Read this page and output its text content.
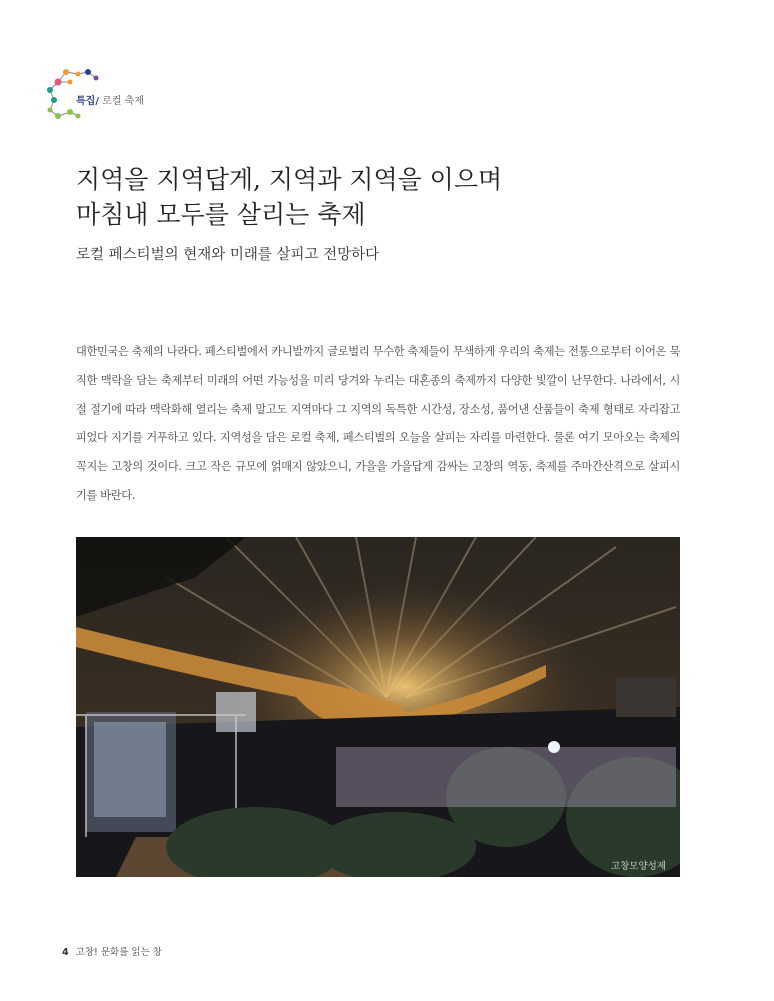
특집/ 로컬 축제
지역을 지역답게, 지역과 지역을 이으며
마침내 모두를 살리는 축제

로컬 페스티벌의 현재와 미래를 살피고 전망하다

대한민국은 축제의 나라다. 페스티벌에서 카니발까지 글로벌리 무수한 축제들이 무색하게 우리의 축제는 전통으로부터 이어온 묵직한 맥락을 담는 축제부터 미래의 어떤 가능성을 미리 당겨와 누리는 대혼종의 축제까지 다양한 빛깔이 난무한다. 나라에서, 시절 절기에 따라 맥락화해 열리는 축제 말고도 지역마다 그 지역의 독특한 시간성, 장소성, 품어낸 산품들이 축제 형태로 자리잡고 피었다 지기를 거푸하고 있다. 지역성을 담은 로컬 축제, 페스티벌의 오늘을 살피는 자리를 마련한다. 물론 여기 모아오는 축제의 꼭지는 고창의 것이다. 크고 작은 규모에 얽매지 않았으니, 가을을 가을답게 감싸는 고창의 역동, 축제를 주마간산격으로 살피시기를 바란다.

고창모양성제
4 고창! 문화를 읽는 창
